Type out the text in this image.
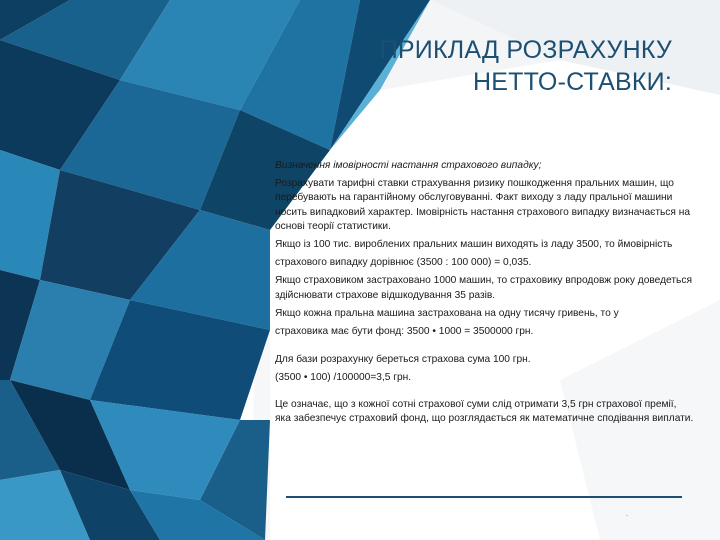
ПРИКЛАД РОЗРАХУНКУ
НЕТТО-СТАВКИ:

Визначення імовірності настання страхового випадку;

Розрахувати тарифні ставки страхування ризику пошкодження пральних машин, що перебувають на гарантійному обслуговуванні. Факт виходу з ладу пральної машини носить випадковий характер. Імовірність настання страхового випадку визначається на основі теорії статистики.

Якщо із 100 тис. вироблених пральних машин виходять із ладу 3500, то ймовірність

страхового випадку дорівнює (3500 : 100 000) = 0,035.

Якщо страховиком застраховано 1000 машин, то страховику впродовж року доведеться здійснювати страхове відшкодування 35 разів.

Якщо кожна пральна машина застрахована на одну тисячу гривень, то у

страховика має бути фонд: 3500 • 1000 = 3500000 грн.

Для бази розрахунку береться страхова сума 100 грн.

(3500 • 100) /100000=3,5 грн.

Це означає, що з кожної сотні страхової суми слід отримати 3,5 грн страхової премії, яка забезпечує страховий фонд, що розглядається як математичне сподівання виплати.

-
